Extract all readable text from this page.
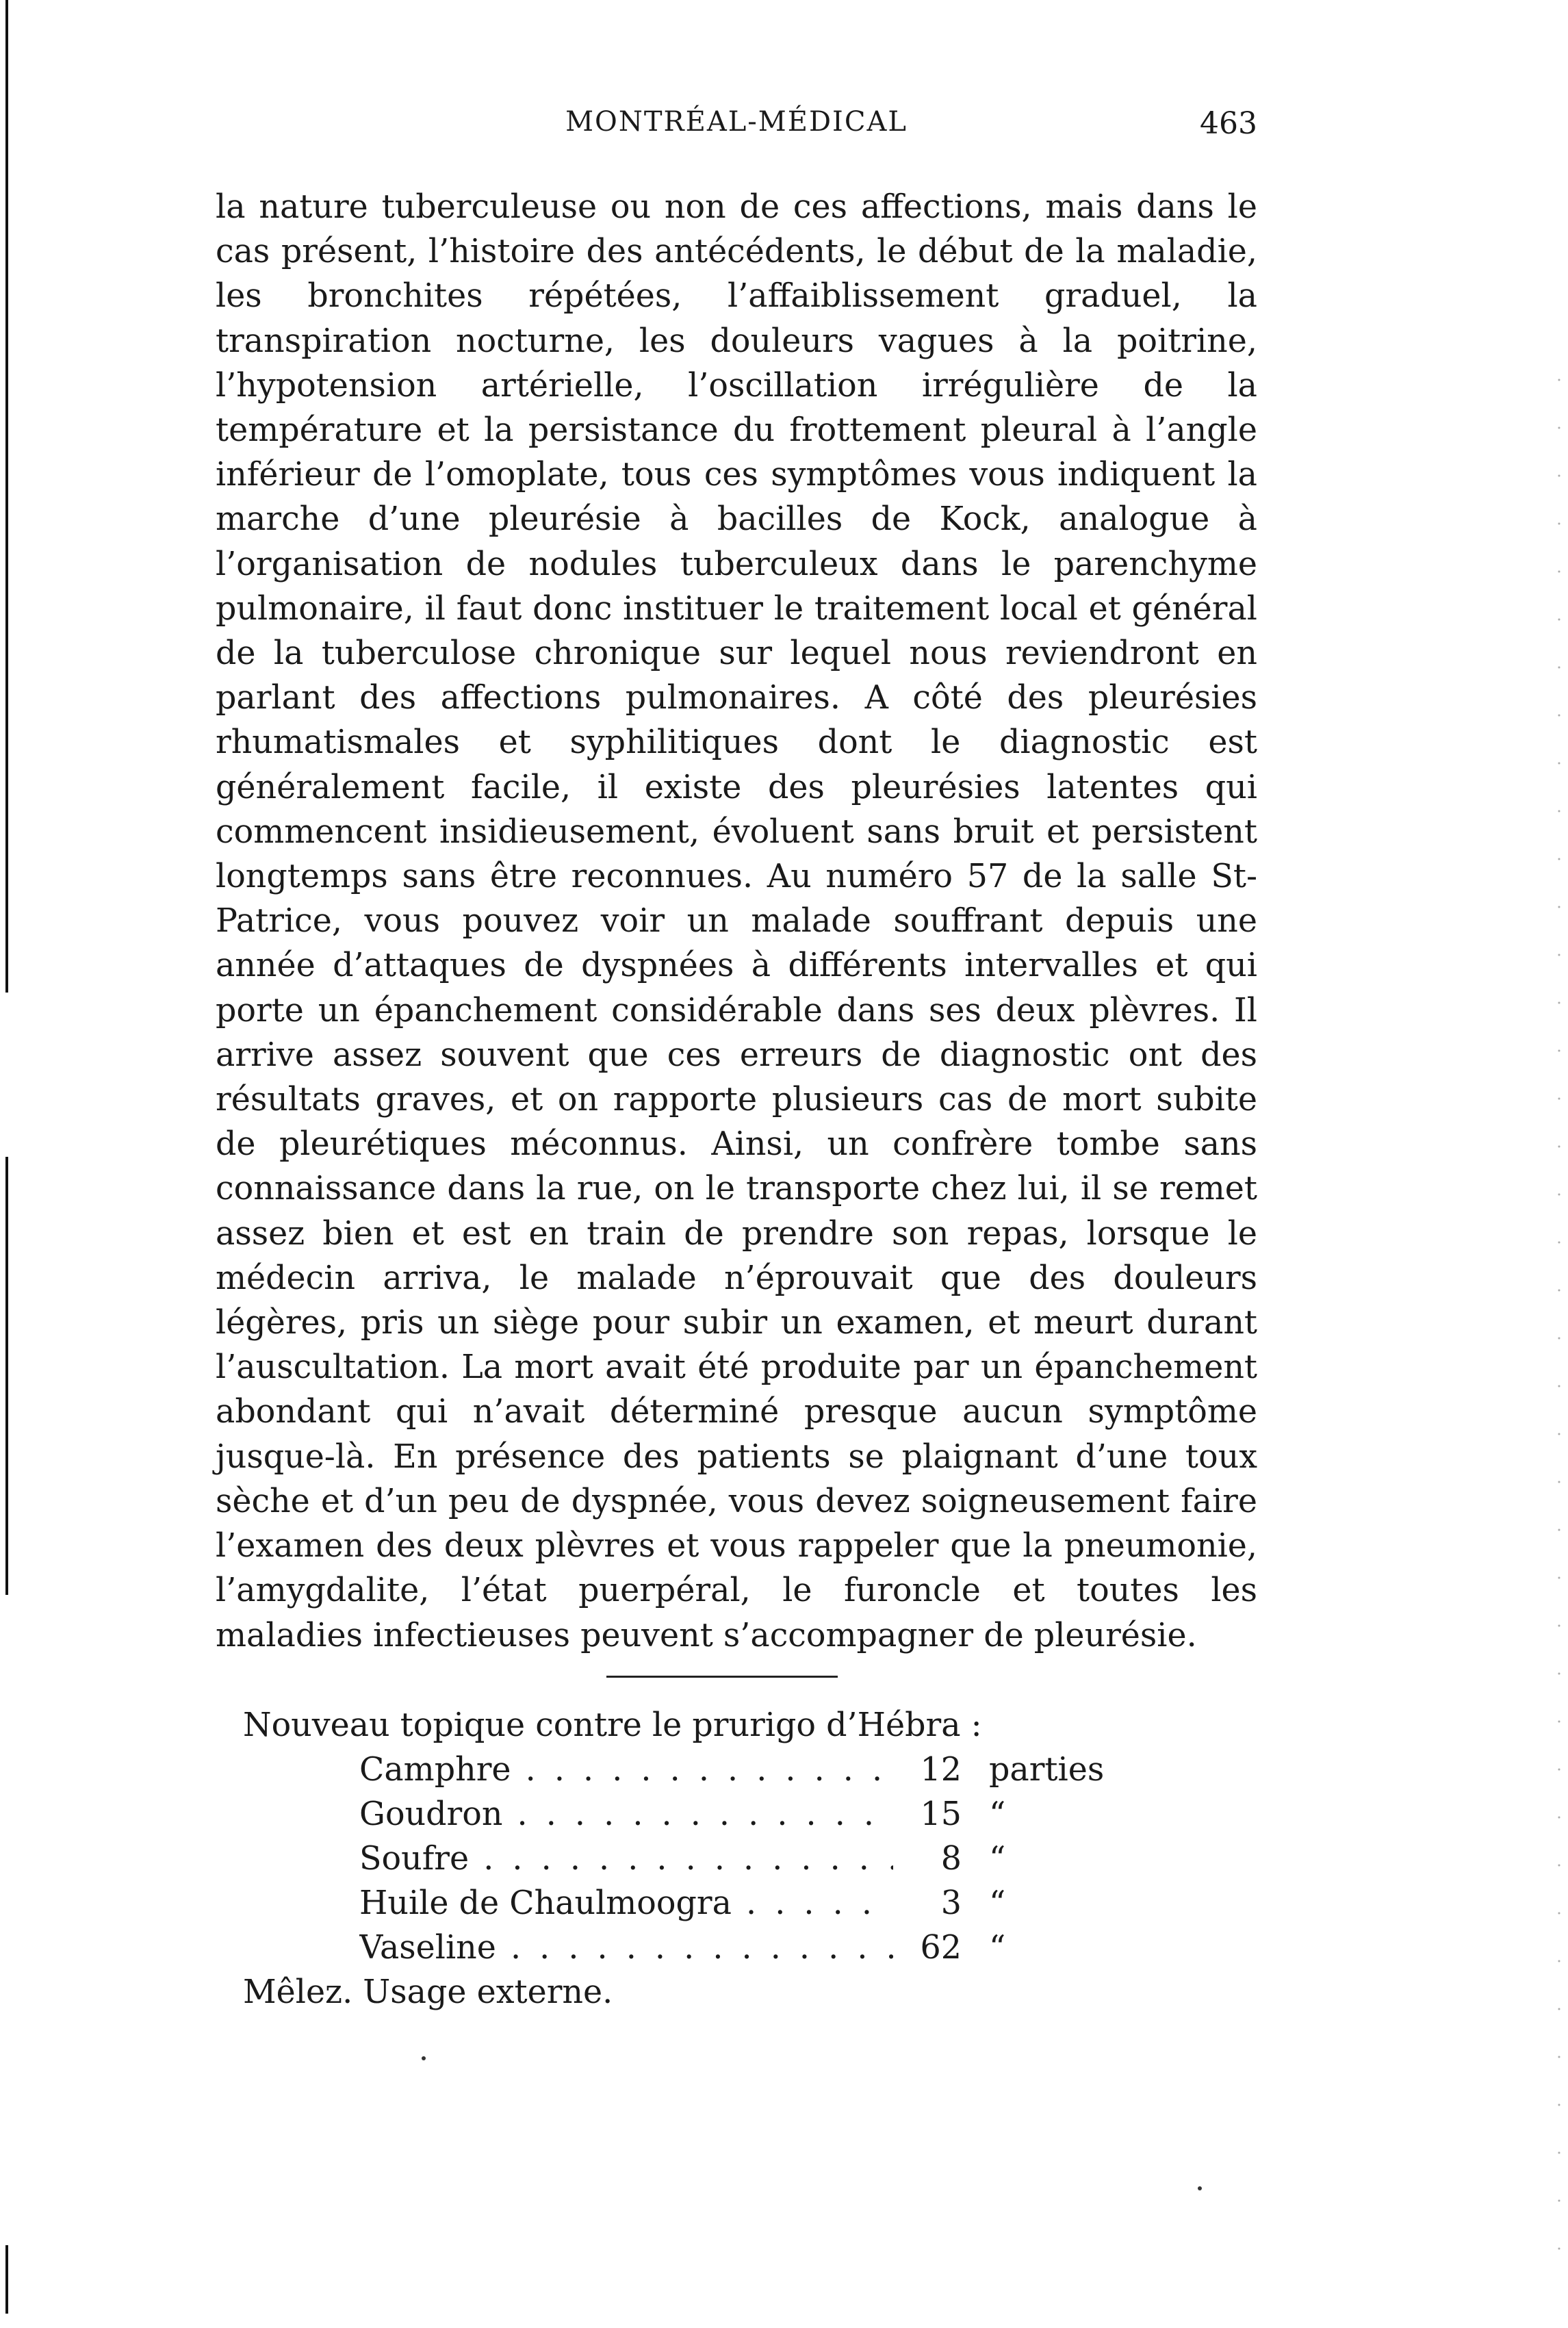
MONTRÉAL-MÉDICAL	463

la nature tuberculeuse ou non de ces affections, mais dans le cas présent, l’histoire des antécédents, le début de la maladie, les bronchites répétées, l’affaiblissement graduel, la transpiration nocturne, les douleurs vagues à la poitrine, l’hypotension artérielle, l’oscillation irrégulière de la température et la persistance du frottement pleural à l’angle inférieur de l’omoplate, tous ces symptômes vous indiquent la marche d’une pleurésie à bacilles de Kock, analogue à l’organisation de nodules tuberculeux dans le parenchyme pulmonaire, il faut donc instituer le traitement local et général de la tuberculose chronique sur lequel nous reviendront en parlant des affections pulmonaires. A côté des pleurésies rhumatismales et syphilitiques dont le diagnostic est généralement facile, il existe des pleurésies latentes qui commencent insidieusement, évoluent sans bruit et persistent longtemps sans être reconnues. Au numéro 57 de la salle St-Patrice, vous pouvez voir un malade souffrant depuis une année d’attaques de dyspnées à différents intervalles et qui porte un épanchement considérable dans ses deux plèvres. Il arrive assez souvent que ces erreurs de diagnostic ont des résultats graves, et on rapporte plusieurs cas de mort subite de pleurétiques méconnus. Ainsi, un confrère tombe sans connaissance dans la rue, on le transporte chez lui, il se remet assez bien et est en train de prendre son repas, lorsque le médecin arriva, le malade n’éprouvait que des douleurs légères, pris un siège pour subir un examen, et meurt durant l’auscultation. La mort avait été produite par un épanchement abondant qui n’avait déterminé presque aucun symptôme jusque-là. En présence des patients se plaignant d’une toux sèche et d’un peu de dyspnée, vous devez soigneusement faire l’examen des deux plèvres et vous rappeler que la pneumonie, l’amygdalite, l’état puerpéral, le furoncle et toutes les maladies infectieuses peuvent s’accompagner de pleurésie.

Nouveau topique contre le prurigo d’Hébra :
Camphre . . .	12 parties
Goudron . . .	15 “
Soufre . . .	8 “
Huile de Chaulmoogra . . .	3 “
Vaseline . . .	62 “
Mêlez. Usage externe.
